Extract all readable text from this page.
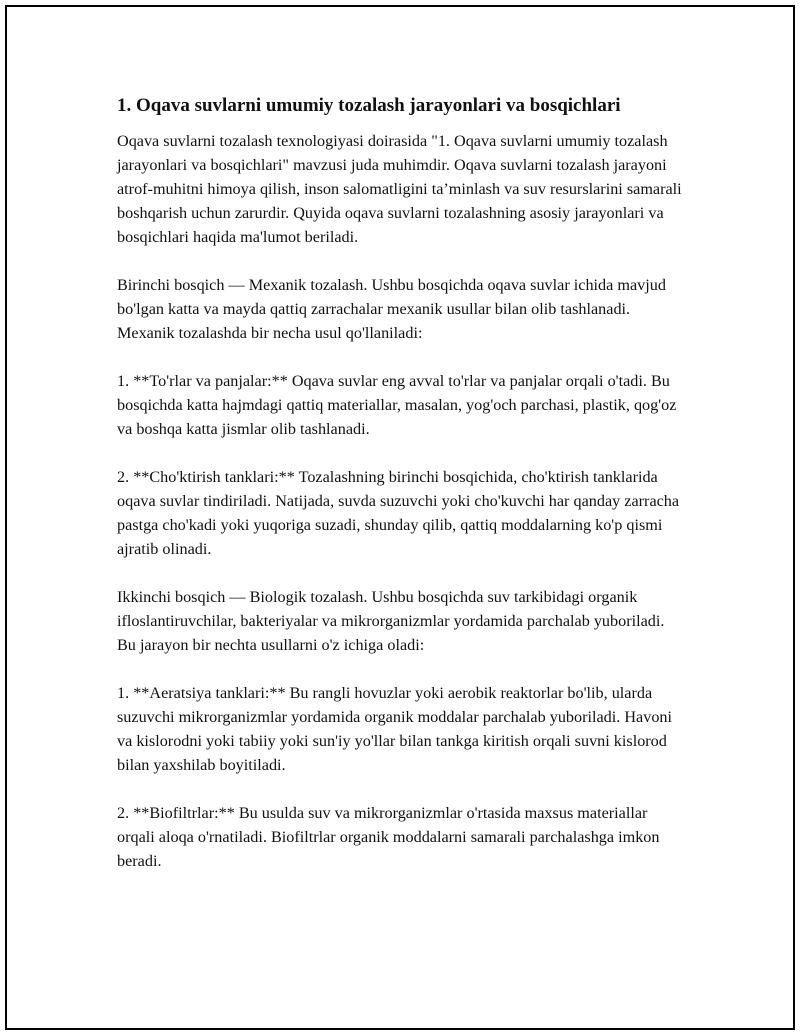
1. Oqava suvlarni umumiy tozalash jarayonlari va bosqichlari

Oqava suvlarni tozalash texnologiyasi doirasida "1. Oqava suvlarni umumiy tozalash jarayonlari va bosqichlari" mavzusi juda muhimdir. Oqava suvlarni tozalash jarayoni atrof-muhitni himoya qilish, inson salomatligini taʼminlash va suv resurslarini samarali boshqarish uchun zarurdir. Quyida oqava suvlarni tozalashning asosiy jarayonlari va bosqichlari haqida ma'lumot beriladi.

Birinchi bosqich — Mexanik tozalash. Ushbu bosqichda oqava suvlar ichida mavjud bo'lgan katta va mayda qattiq zarrachalar mexanik usullar bilan olib tashlanadi. Mexanik tozalashda bir necha usul qo'llaniladi:

1. **To'rlar va panjalar:** Oqava suvlar eng avval to'rlar va panjalar orqali o'tadi. Bu bosqichda katta hajmdagi qattiq materiallar, masalan, yog'och parchasi, plastik, qog'oz va boshqa katta jismlar olib tashlanadi.

2. **Cho'ktirish tanklari:** Tozalashning birinchi bosqichida, cho'ktirish tanklarida oqava suvlar tindiriladi. Natijada, suvda suzuvchi yoki cho'kuvchi har qanday zarracha pastga cho'kadi yoki yuqoriga suzadi, shunday qilib, qattiq moddalarning ko'p qismi ajratib olinadi.

Ikkinchi bosqich — Biologik tozalash. Ushbu bosqichda suv tarkibidagi organik ifloslantiruvchilar, bakteriyalar va mikrorganizmlar yordamida parchalab yuboriladi. Bu jarayon bir nechta usullarni o'z ichiga oladi:

1. **Aeratsiya tanklari:** Bu rangli hovuzlar yoki aerobik reaktorlar bo'lib, ularda suzuvchi mikrorganizmlar yordamida organik moddalar parchalab yuboriladi. Havoni va kislorodni yoki tabiiy yoki sun'iy yo'llar bilan tankga kiritish orqali suvni kislorod bilan yaxshilab boyitiladi.

2. **Biofiltrlar:** Bu usulda suv va mikrorganizmlar o'rtasida maxsus materiallar orqali aloqa o'rnatiladi. Biofiltrlar organik moddalarni samarali parchalashga imkon beradi.
